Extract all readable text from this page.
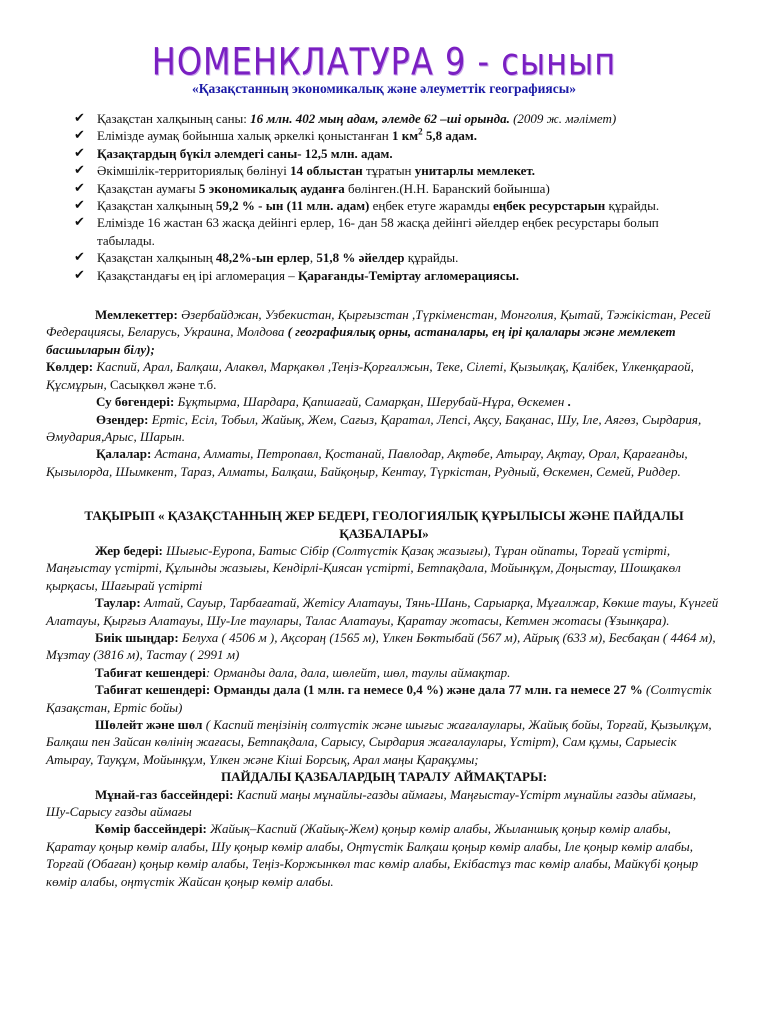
НОМЕНКЛАТУРА 9 - сынып
«Қазақстанның экономикалық және әлеуметтік географиясы»
✔ Қазақстан халқының саны: 16 млн. 402 мың адам, әлемде 62 –ші орында. (2009 ж. мәлімет)
✔ Елімізде аумақ бойынша халық әркелкі қоныстанған 1 $км^2$ 5,8 адам.
✔ Қазақтардың бүкіл әлемдегі саны- 12,5 млн. адам.
✔ Әкімшілік-территориялық бөлінуі 14 облыстан тұратын унитарлы мемлекет.
✔ Қазақстан аумағы 5 экономикалық ауданға бөлінген.(Н.Н. Баранский бойынша)
✔ Қазақстан халқының 59,2 % - ын (11 млн. адам) еңбек етуге жарамды еңбек ресурстарын құрайды.
✔ Елімізде 16 жастан 63 жасқа дейінгі ерлер, 16- дан 58 жасқа дейінгі әйелдер еңбек ресурстары болып табылады.
✔ Қазақстан халқының 48,2%-ын ерлер, 51,8 % әйелдер құрайды.
✔ Қазақстандағы ең ірі агломерация – Қарағанды-Теміртау агломерациясы.
Мемлекеттер: Әзербайджан, Узбекистан, Қырғызстан ,Түркіменстан, Монголия, Қытай, Тәжікістан, Ресей Федерациясы, Беларусь, Украина, Молдова ( географиялық орны, астаналары, ең ірі қалалары және мемлекет басшыларын білу);
Көлдер: Каспий, Арал, Балқаш, Алакөл, Марқакөл ,Теңіз-Қорғалжын, Теке, Сілеті, Қызылқақ, Қалібек, Үлкенқараой, Құсмұрын, Сасықкөл және т.б.
Су бөгендері: Бұқтырма, Шардара, Қапшағай, Самарқан, Шерубай-Нұра, Өскемен .
Өзендер: Ертіс, Есіл, Тобыл, Жайық, Жем, Сағыз, Қаратал, Лепсі, Ақсу, Бақанас, Шу, Іле, Аягөз, Сырдария, Әмудария,Арыс, Шарын.
Қалалар: Астана, Алматы, Петропавл, Қостанай, Павлодар, Ақтөбе, Атырау, Ақтау, Орал, Қарағанды, Қызылорда, Шымкент, Тараз, Алматы, Балқаш, Байқоңыр, Кентау, Түркістан, Рудный, Өскемен, Семей, Риддер.
ТАҚЫРЫП « ҚАЗАҚСТАННЫҢ ЖЕР БЕДЕРІ, ГЕОЛОГИЯЛЫҚ ҚҰРЫЛЫСЫ ЖӘНЕ ПАЙДАЛЫ ҚАЗБАЛАРЫ»
Жер бедері: Шығыс-Еуропа, Батыс Сібір (Солтүстік Қазақ жазығы), Тұран ойпаты, Торғай үстірті, Маңғыстау үстірті, Құлынды жазығы, Кендірлі-Қиясан үстірті, Бетпақдала, Мойынқұм, Доңыстау, Шошқакөл қырқасы, Шағырай үстірті
Таулар: Алтай, Сауыр, Тарбағатай, Жетісу Алатауы, Тянь-Шань, Сарыарқа, Мұғалжар, Көкше тауы, Күнгей Алатауы, Қырғыз Алатауы, Шу-Іле таулары, Талас Алатауы, Қаратау жотасы, Кетмен жотасы (Ұзынқара).
Биік шыңдар: Белуха ( 4506 м ), Ақсораң (1565 м), Үлкен Бөктыбай (567 м), Айрық (633 м), Бесбақан ( 4464 м), Мұзтау (3816 м), Тастау ( 2991 м)
Табиғат кешендері: Орманды дала, дала, шөлейт, шөл, таулы аймақтар.
Табиғат кешендері: Орманды дала (1 млн. га немесе 0,4 %) және дала 77 млн. га немесе 27 % (Солтүстік Қазақстан, Ертіс бойы)
Шөлейт және шөл ( Каспий теңізінің солтүстік және шығыс жағалаулары, Жайық бойы, Торғай, Қызылқұм, Балқаш пен Зайсан көлінің жағасы, Бетпақдала, Сарысу, Сырдария жағалаулары, Үстірт), Сам құмы, Сарыесік Атырау, Тауқұм, Мойынқұм, Үлкен және Кіші Борсық, Арал маңы Қарақұмы;
ПАЙДАЛЫ ҚАЗБАЛАРДЫҢ ТАРАЛУ АЙМАҚТАРЫ:
Мұнай-газ бассейндері: Каспий маңы мұнайлы-газды аймағы, Маңғыстау-Үстірт мұнайлы газды аймағы, Шу-Сарысу газды аймағы
Көмір бассейндері: Жайық–Каспий (Жайық-Жем) қоңыр көмір алабы, Жыланшық қоңыр көмір алабы, Қаратау қоңыр көмір алабы, Шу қоңыр көмір алабы, Оңтүстік Балқаш қоңыр көмір алабы, Іле қоңыр көмір алабы, Торғай (Обаған) қоңыр көмір алабы, Теңіз-Коржынкөл тас көмір алабы, Екібастұз тас көмір алабы, Майкүбі қоңыр көмір алабы, оңтүстік Жайсан қоңыр көмір алабы.
